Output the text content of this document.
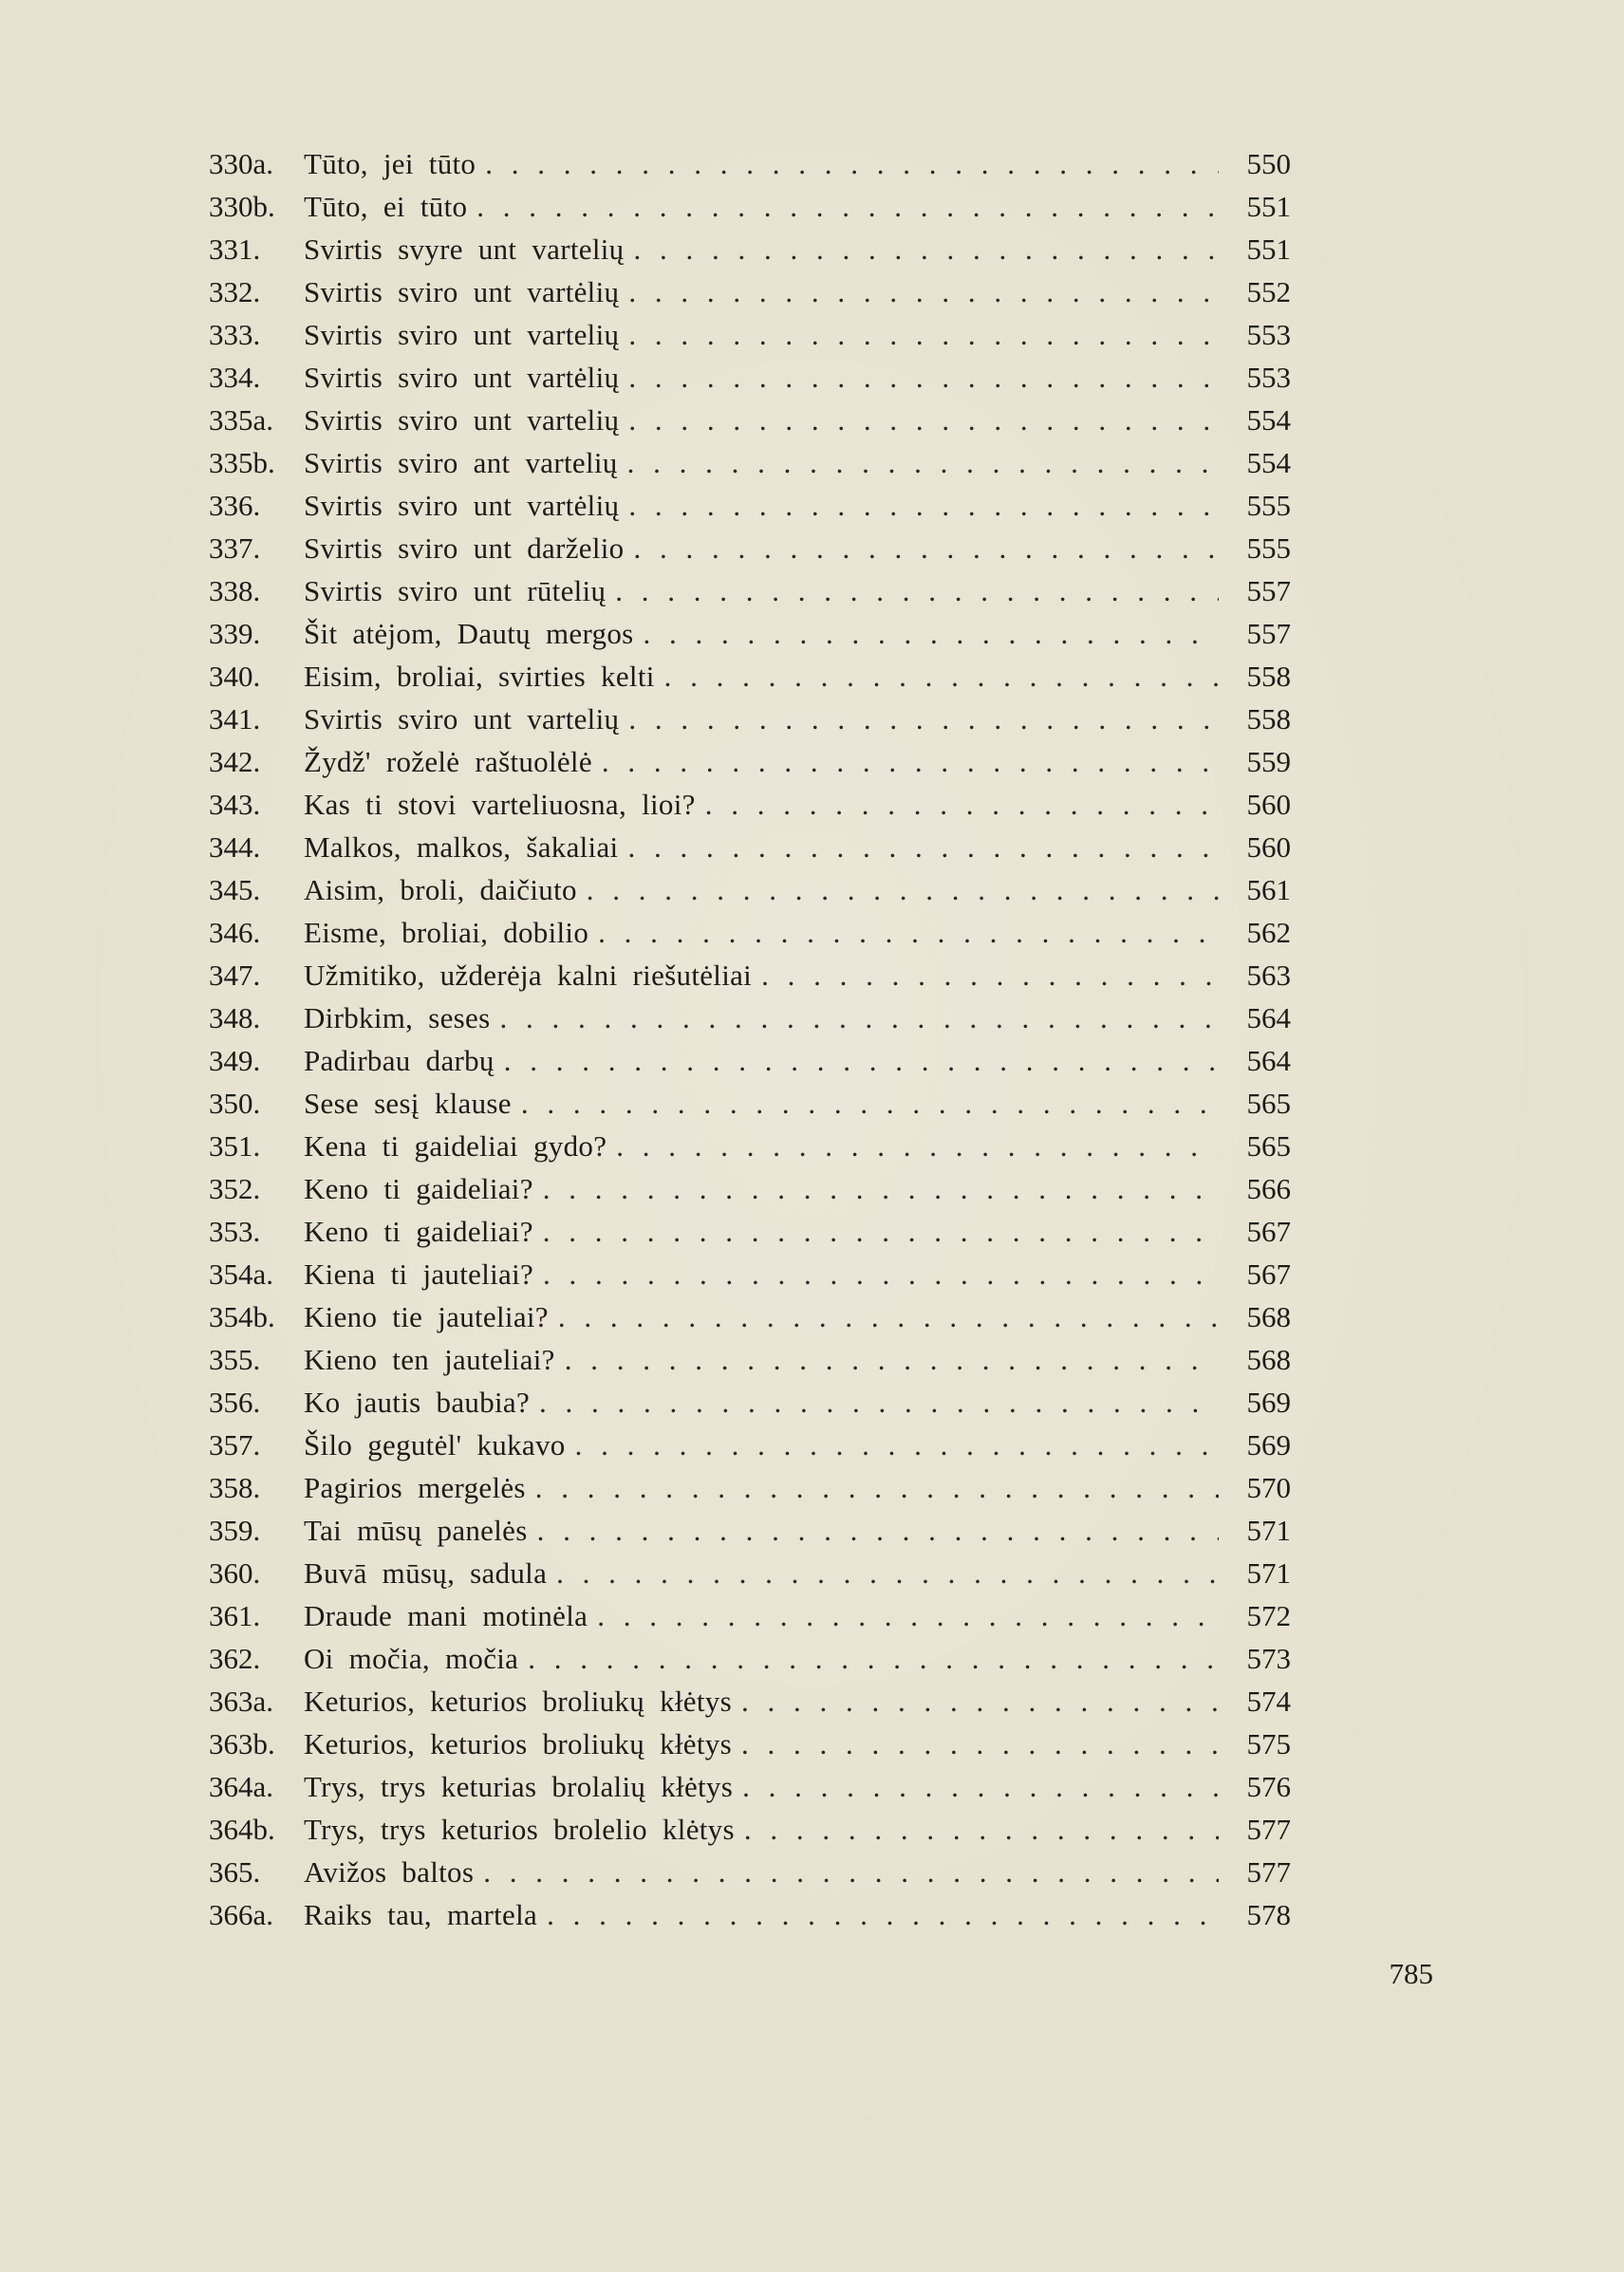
330a.	Tūto, jei tūto . . .	550
330b. Tūto, ei tūto . . .	551
331.	Svirtis svyre unt vartelių . . .	551
332.	Svirtis sviro unt vartėlių . . .	552
333.	Svirtis sviro unt vartelių . . .	553
334.	Svirtis sviro unt vartėlių . . .	553
335a.	Svirtis sviro unt vartelių . . .	554
335b. Svirtis sviro ant vartelių . . .	554
336.	Svirtis sviro unt vartėlių . . .	555
337.	Svirtis sviro unt darželio . . .	555
338.	Svirtis sviro unt rūtelių . . .	557
339.	Šit atėjom, Dautų mergos . . .	557
340.	Eisim, broliai, svirties kelti . . .	558
341.	Svirtis sviro unt vartelių . . .	558
342.	Žydž' roželė raštuolėlė . . .	559
343.	Kas ti stovi varteliuosna, lioi? . . .	560
344.	Malkos, malkos, šakaliai . . .	560
345.	Aisim, broli, daičiuto . . .	561
346.	Eisme, broliai, dobilio . . .	562
347.	Užmitiko, užderėja kalni riešutėliai . . .	563
348.	Dirbkim, seses . . .	564
349.	Padirbau darbų . . .	564
350.	Sese sesį klause . . .	565
351.	Kena ti gaideliai gydo? . . .	565
352.	Keno ti gaideliai? . . .	566
353.	Keno ti gaideliai? . . .	567
354a.	Kiena ti jauteliai? . . .	567
354b. Kieno tie jauteliai? . . .	568
355.	Kieno ten jauteliai? . . .	568
356.	Ko jautis baubia? . . .	569
357.	Šilo gegutėl' kukavo . . .	569
358.	Pagirios mergelės . . .	570
359.	Tai mūsų panelės . . .	571
360.	Buvā mūsų, sadula . . .	571
361.	Draude mani motinėla . . .	572
362.	Oi močia, močia . . .	573
363a.	Keturios, keturios broliukų kłėtys . . .	574
363b. Keturios, keturios broliukų kłėtys . . .	575
364a.	Trys, trys keturias brolalių kłėtys . . .	576
364b. Trys, trys keturios brolelio klėtys . . .	577
365.	Avižos baltos . . .	577
366a.	Raiks tau, martela . . .	578
785
